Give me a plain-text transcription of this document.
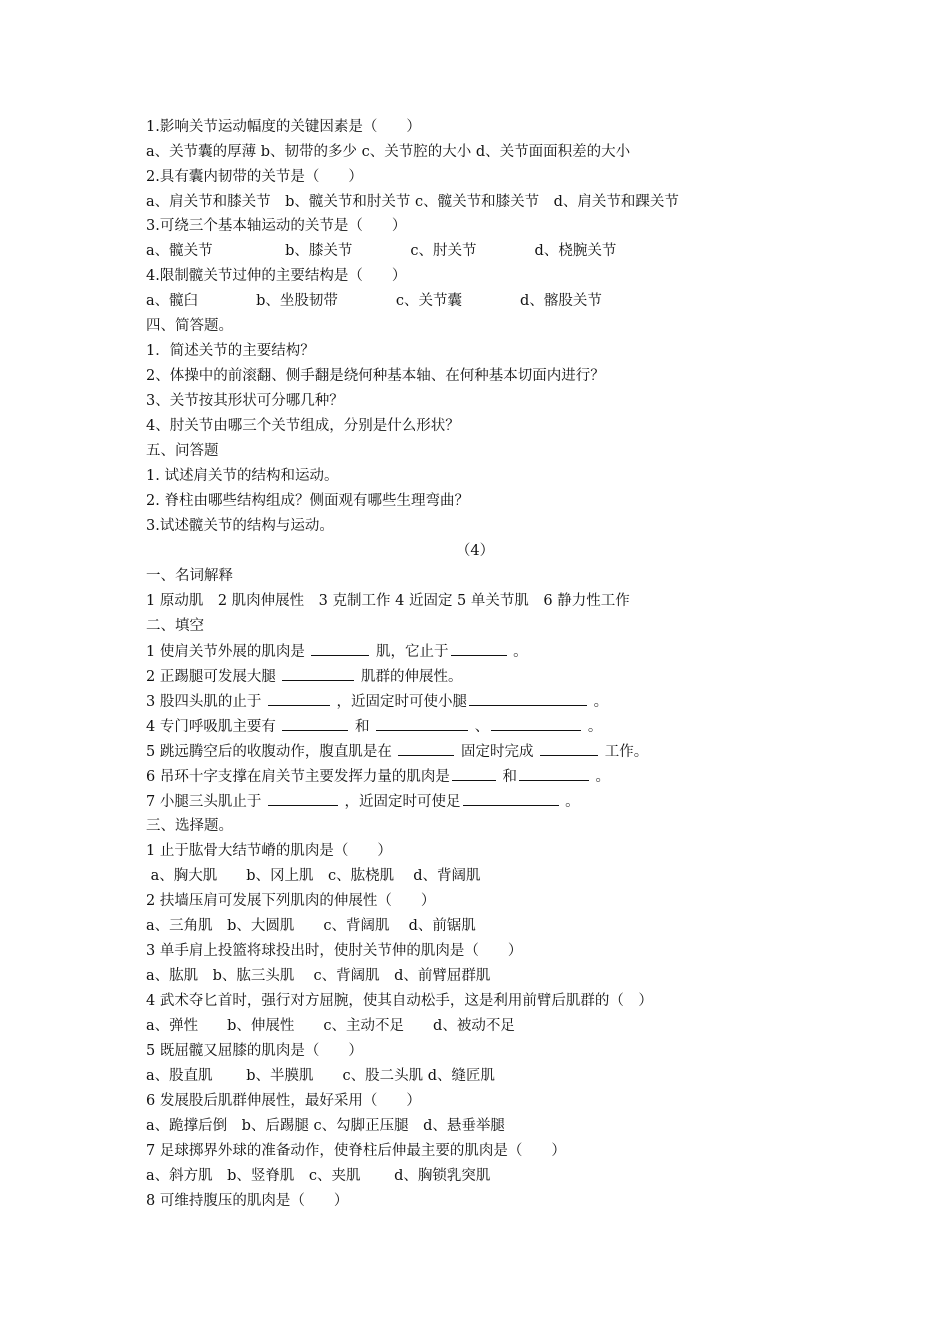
1.影响关节运动幅度的关键因素是（　　）
a、关节囊的厚薄 b、韧带的多少 c、关节腔的大小 d、关节面面积差的大小
2.具有囊内韧带的关节是（　　）
a、肩关节和膝关节　b、髋关节和肘关节 c、髋关节和膝关节　d、肩关节和踝关节
3.可绕三个基本轴运动的关节是（　　）
a、髋关节　　　　　b、膝关节　　　　c、肘关节　　　　d、桡腕关节
4.限制髋关节过伸的主要结构是（　　）
a、髋臼　　　　b、坐股韧带　　　　c、关节囊　　　　d、髂股关节
四、简答题。
1．简述关节的主要结构？
2、体操中的前滚翻、侧手翻是绕何种基本轴、在何种基本切面内进行？
3、关节按其形状可分哪几种？
4、肘关节由哪三个关节组成，分别是什么形状？
五、问答题
1. 试述肩关节的结构和运动。
2. 脊柱由哪些结构组成？侧面观有哪些生理弯曲？
3.试述髋关节的结构与运动。
（4）
一、名词解释
1 原动肌　2 肌肉伸展性　3 克制工作 4 近固定 5 单关节肌　6 静力性工作
二、填空
1 使肩关节外展的肌肉是	肌，它止于	。
2 正踢腿可发展大腿	肌群的伸展性。
3 股四头肌的止于	，近固定时可使小腿	。
4 专门呼吸肌主要有	和	、	。
5 跳远腾空后的收腹动作，腹直肌是在	固定时完成	工作。
6 吊环十字支撑在肩关节主要发挥力量的肌肉是	和	。
7 小腿三头肌止于	，近固定时可使足	。
三、选择题。
1 止于肱骨大结节嵴的肌肉是（　　）
a、胸大肌　　b、冈上肌　c、肱桡肌　 d、背阔肌
2 扶墙压肩可发展下列肌肉的伸展性（　　）
a、三角肌　b、大圆肌　　c、背阔肌　 d、前锯肌
3 单手肩上投篮将球投出时，使肘关节伸的肌肉是（　　）
a、肱肌　b、肱三头肌　 c、背阔肌　d、前臂屈群肌
4 武术夺匕首时，强行对方屈腕，使其自动松手，这是利用前臂后肌群的（　）
a、弹性　　b、伸展性　　c、主动不足　　d、被动不足
5 既屈髋又屈膝的肌肉是（　　）
a、股直肌　　 b、半膜肌　　c、股二头肌 d、缝匠肌
6 发展股后肌群伸展性，最好采用（　　）
a、跪撑后倒　b、后踢腿 c、勾脚正压腿　d、悬垂举腿
7 足球掷界外球的准备动作，使脊柱后伸最主要的肌肉是（　　）
a、斜方肌　b、竖脊肌　c、夹肌　　 d、胸锁乳突肌
8 可维持腹压的肌肉是（　　）
